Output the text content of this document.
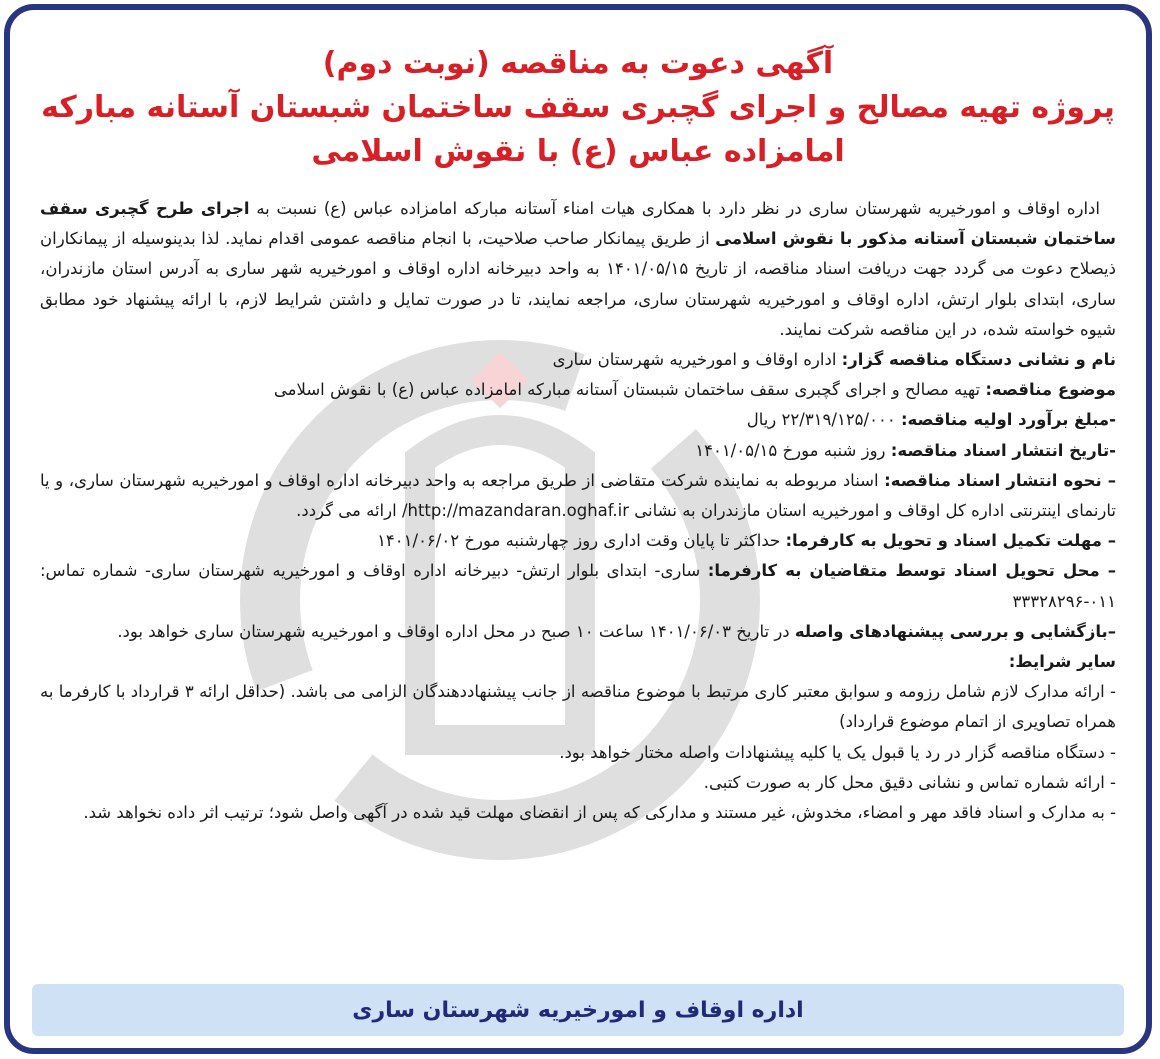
آگهی دعوت به مناقصه (نوبت دوم)
پروژه تهیه مصالح و اجرای گچبری سقف ساختمان شبستان آستانه مبارکه امامزاده عباس (ع) با نقوش اسلامی

اداره اوقاف و امورخیریه شهرستان ساری در نظر دارد با همکاری هیات امناء آستانه مبارکه امامزاده عباس (ع) نسبت به اجرای طرح گچبری سقف ساختمان شبستان آستانه مذکور با نقوش اسلامی از طریق پیمانکار صاحب صلاحیت، با انجام مناقصه عمومی اقدام نماید. لذا بدینوسیله از پیمانکاران ذیصلاح دعوت می گردد جهت دریافت اسناد مناقصه، از تاریخ ۱۴۰۱/۰۵/۱۵ به واحد دبیرخانه اداره اوقاف و امورخیریه شهر ساری به آدرس استان مازندران، ساری، ابتدای بلوار ارتش، اداره اوقاف و امورخیریه شهرستان ساری، مراجعه نمایند، تا در صورت تمایل و داشتن شرایط لازم، با ارائه پیشنهاد خود مطابق شیوه خواسته شده، در این مناقصه شرکت نمایند.

نام و نشانی دستگاه مناقصه گزار: اداره اوقاف و امورخیریه شهرستان ساری

موضوع مناقصه: تهیه مصالح و اجرای گچبری سقف ساختمان شبستان آستانه مبارکه امامزاده عباس (ع) با نقوش اسلامی

-مبلغ برآورد اولیه مناقصه: ۲۲/۳۱۹/۱۲۵/۰۰۰ ریال

-تاریخ انتشار اسناد مناقصه: روز شنبه مورخ ۱۴۰۱/۰۵/۱۵

– نحوه انتشار اسناد مناقصه: اسناد مربوطه به نماینده شرکت متقاضی از طریق مراجعه به واحد دبیرخانه اداره اوقاف و امورخیریه شهرستان ساری، و یا تارنمای اینترنتی اداره کل اوقاف و امورخیریه استان مازندران به نشانی http://mazandaran.oghaf.ir/ ارائه می گردد.

– مهلت تکمیل اسناد و تحویل به کارفرما: حداکثر تا پایان وقت اداری روز چهارشنبه مورخ ۱۴۰۱/۰۶/۰۲

– محل تحویل اسناد توسط متقاضیان به کارفرما: ساری- ابتدای بلوار ارتش- دبیرخانه اداره اوقاف و امورخیریه شهرستان ساری- شماره تماس: ۰۱۱-۳۳۳۲۸۲۹۶

–بازگشایی و بررسی پیشنهادهای واصله در تاریخ ۱۴۰۱/۰۶/۰۳ ساعت ۱۰ صبح در محل اداره اوقاف و امورخیریه شهرستان ساری خواهد بود.

سایر شرایط:

- ارائه مدارک لازم شامل رزومه و سوابق معتبر کاری مرتبط با موضوع مناقصه از جانب پیشنهاددهندگان الزامی می باشد. (حداقل ارائه ۳ قرارداد با کارفرما به همراه تصاویری از اتمام موضوع قرارداد)

- دستگاه مناقصه گزار در رد یا قبول یک یا کلیه پیشنهادات واصله مختار خواهد بود.

- ارائه شماره تماس و نشانی دقیق محل کار به صورت کتبی.

- به مدارک و اسناد فاقد مهر و امضاء، مخدوش، غیر مستند و مدارکی که پس از انقضای مهلت قید شده در آگهی واصل شود؛ ترتیب اثر داده نخواهد شد.

اداره اوقاف و امورخیریه شهرستان ساری
